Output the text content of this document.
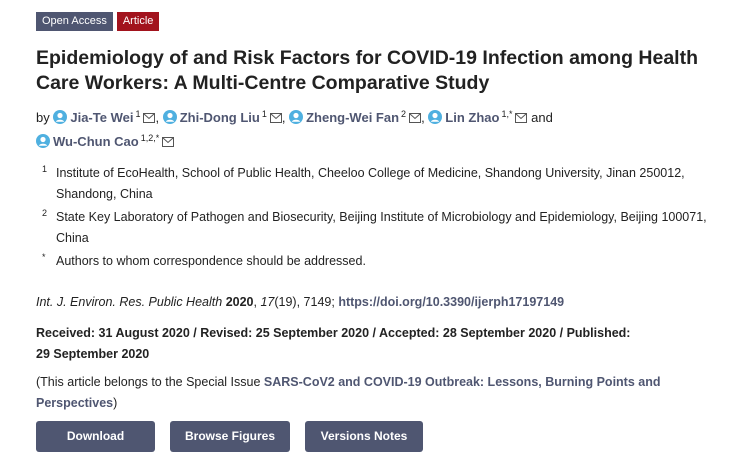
Open Access	Article
Epidemiology of and Risk Factors for COVID-19 Infection among Health Care Workers: A Multi-Centre Comparative Study
by Jia-Te Wei $^1$ ,
Zhi-Dong Liu $^1$ ,
Zheng-Wei Fan $^2$ ,
Lin Zhao $^{1,*}$ and

Wu-Chun Cao $^{1,2,*}$
1 Institute of EcoHealth, School of Public Health, Cheeloo College of Medicine, Shandong University, Jinan 250012, Shandong, China
2 State Key Laboratory of Pathogen and Biosecurity, Beijing Institute of Microbiology and Epidemiology, Beijing 100071, China
* Authors to whom correspondence should be addressed.
Int. J. Environ. Res. Public Health 2020, 17(19), 7149; https://doi.org/10.3390/ijerph17197149
Received: 31 August 2020 / Revised: 25 September 2020 / Accepted: 28 September 2020 / Published: 29 September 2020
(This article belongs to the Special Issue SARS-CoV2 and COVID-19 Outbreak: Lessons, Burning Points and Perspectives)
Download	Browse Figures	Versions Notes
